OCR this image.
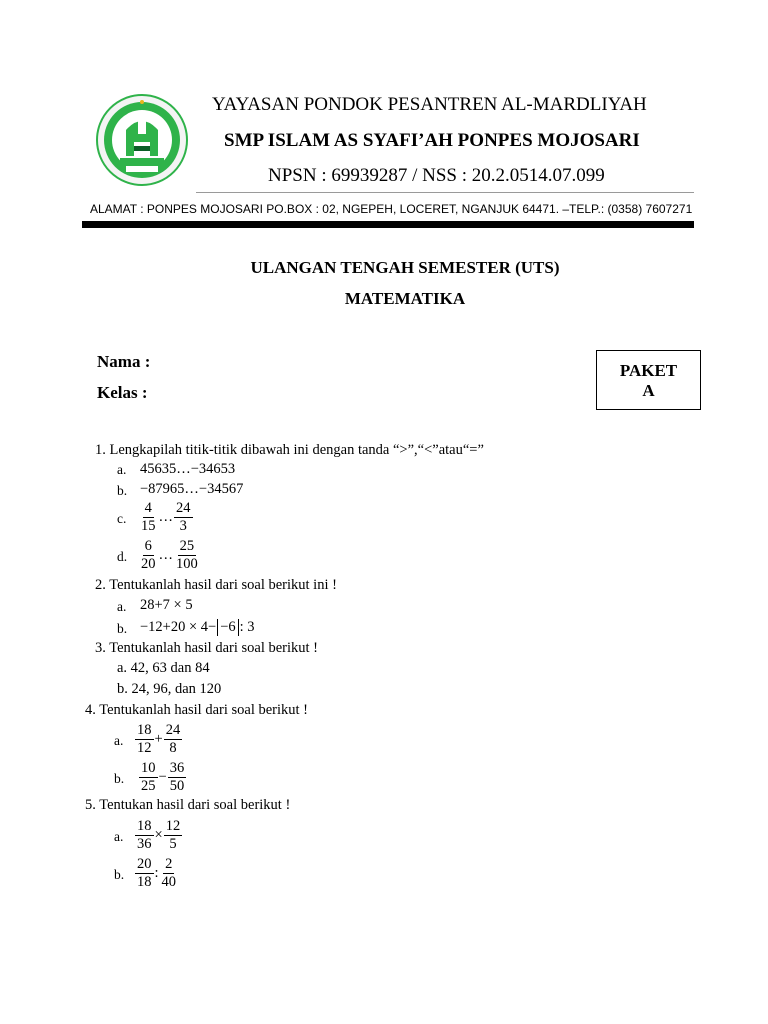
YAYASAN PONDOK PESANTREN AL-MARDLIYAH
SMP ISLAM AS SYAFI’AH PONPES MOJOSARI
NPSN : 69939287 / NSS : 20.2.0514.07.099
ALAMAT : PONPES MOJOSARI PO.BOX : 02, NGEPEH, LOCERET, NGANJUK 64471. –TELP.: (0358) 7607271
ULANGAN TENGAH SEMESTER (UTS)
MATEMATIKA
Nama :
Kelas :
PAKET
A
1. Lengkapilah titik-titik dibawah ini dengan tanda “>”,“<”atau“=”
a. 45635…−34653
b. −87965…−34567
c. $\frac{4}{15}$ … $\frac{24}{3}$
d. $\frac{6}{20}$ … $\frac{25}{100}$
2. Tentukanlah hasil dari soal berikut ini !
a. 28+7 × 5
b. −12+20 × 4− −6 : 3
3. Tentukanlah hasil dari soal berikut !
a. 42, 63 dan 84
b. 24, 96, dan 120
4. Tentukanlah hasil dari soal berikut !
a. $\frac{18}{12} + \frac{24}{8}$
b. $\frac{10}{25} - \frac{36}{50}$
5. Tentukan hasil dari soal berikut !
a. $\frac{18}{36} \times \frac{12}{5}$
b. $\frac{20}{18}$ : $\frac{2}{40}$
